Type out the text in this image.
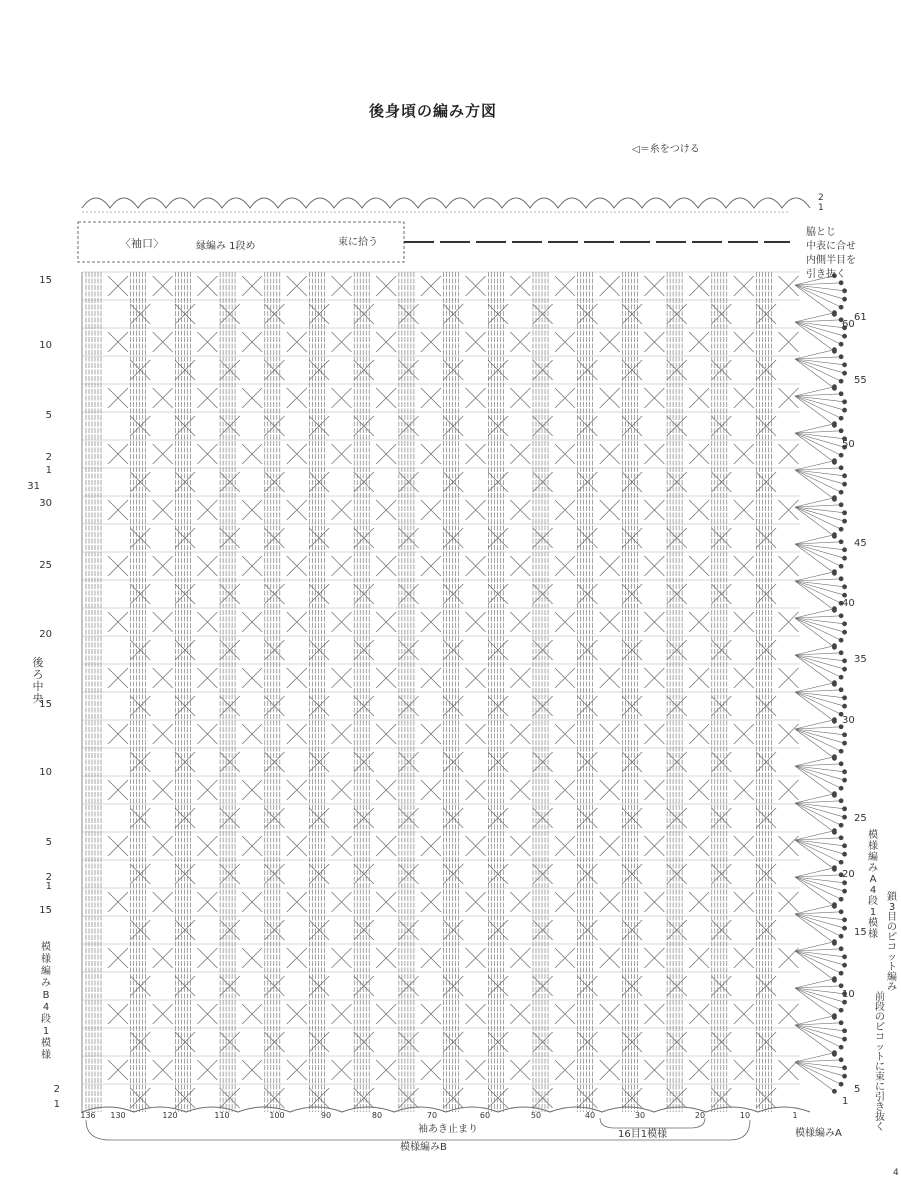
後身頃の編み方図
◁＝糸をつける
〈袖口〉	縁編み 1段め	束に拾う
2
1
脇とじ
中表に合せ
内側半目を
引き抜く
15
10
5
2
1
31
30
25
20
15
10
5
2
1
15
2
1
後
ろ
中
央
模
様
編
み
B
4
段
1
模
様
模
様
編
み
A
4
段
1
模
様
鎖
3
目
の
ピ
コ
ッ
ト
編
み
前
段
の
ピ
コ
ッ
ト
に
束
に
引
き
抜
く
61
60
55
50
45
40
35
30
25
20
15
10
5
1
136 130	120	110	100	90	80	70	60	50	40	30	20	10	1
袖あき止まり	16目1模様
模様編みB
模様編みA
4
